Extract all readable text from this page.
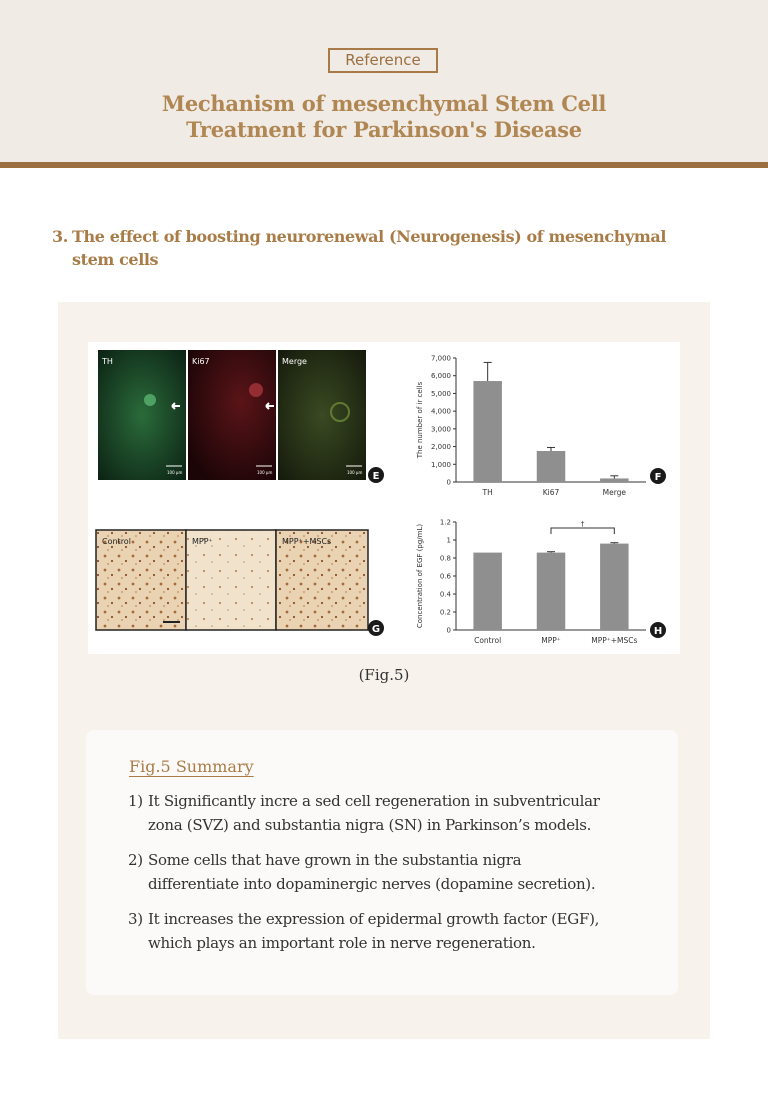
Reference
Mechanism of mesenchymal Stem Cell
Treatment for Parkinson's Disease
3. The effect of boosting neurorenewal (Neurogenesis) of mesenchymal
stem cells
TH	Ki67	Merge
100 µm	100 µm	100 µm E
Control	MPP⁺	MPP⁺+MSCs
G
0
1,000
2,000
3,000
4,000
5,000
6,000
7,000
The number of ir cells
TH	Ki67	Merge
0
0.2
0.4
0.6
0.8
1
1.2
Concentration of EGF (pg/mL)
Control	MPP⁺	MPP⁺+MSCs
†
F
H
(Fig.5)
Fig.5 Summary
1) It Significantly incre a sed cell regeneration in subventricular
zona (SVZ) and substantia nigra (SN) in Parkinson’s models.
2) Some cells that have grown in the substantia nigra
differentiate into dopaminergic nerves (dopamine secretion).
3) It increases the expression of epidermal growth factor (EGF),
which plays an important role in nerve regeneration.
